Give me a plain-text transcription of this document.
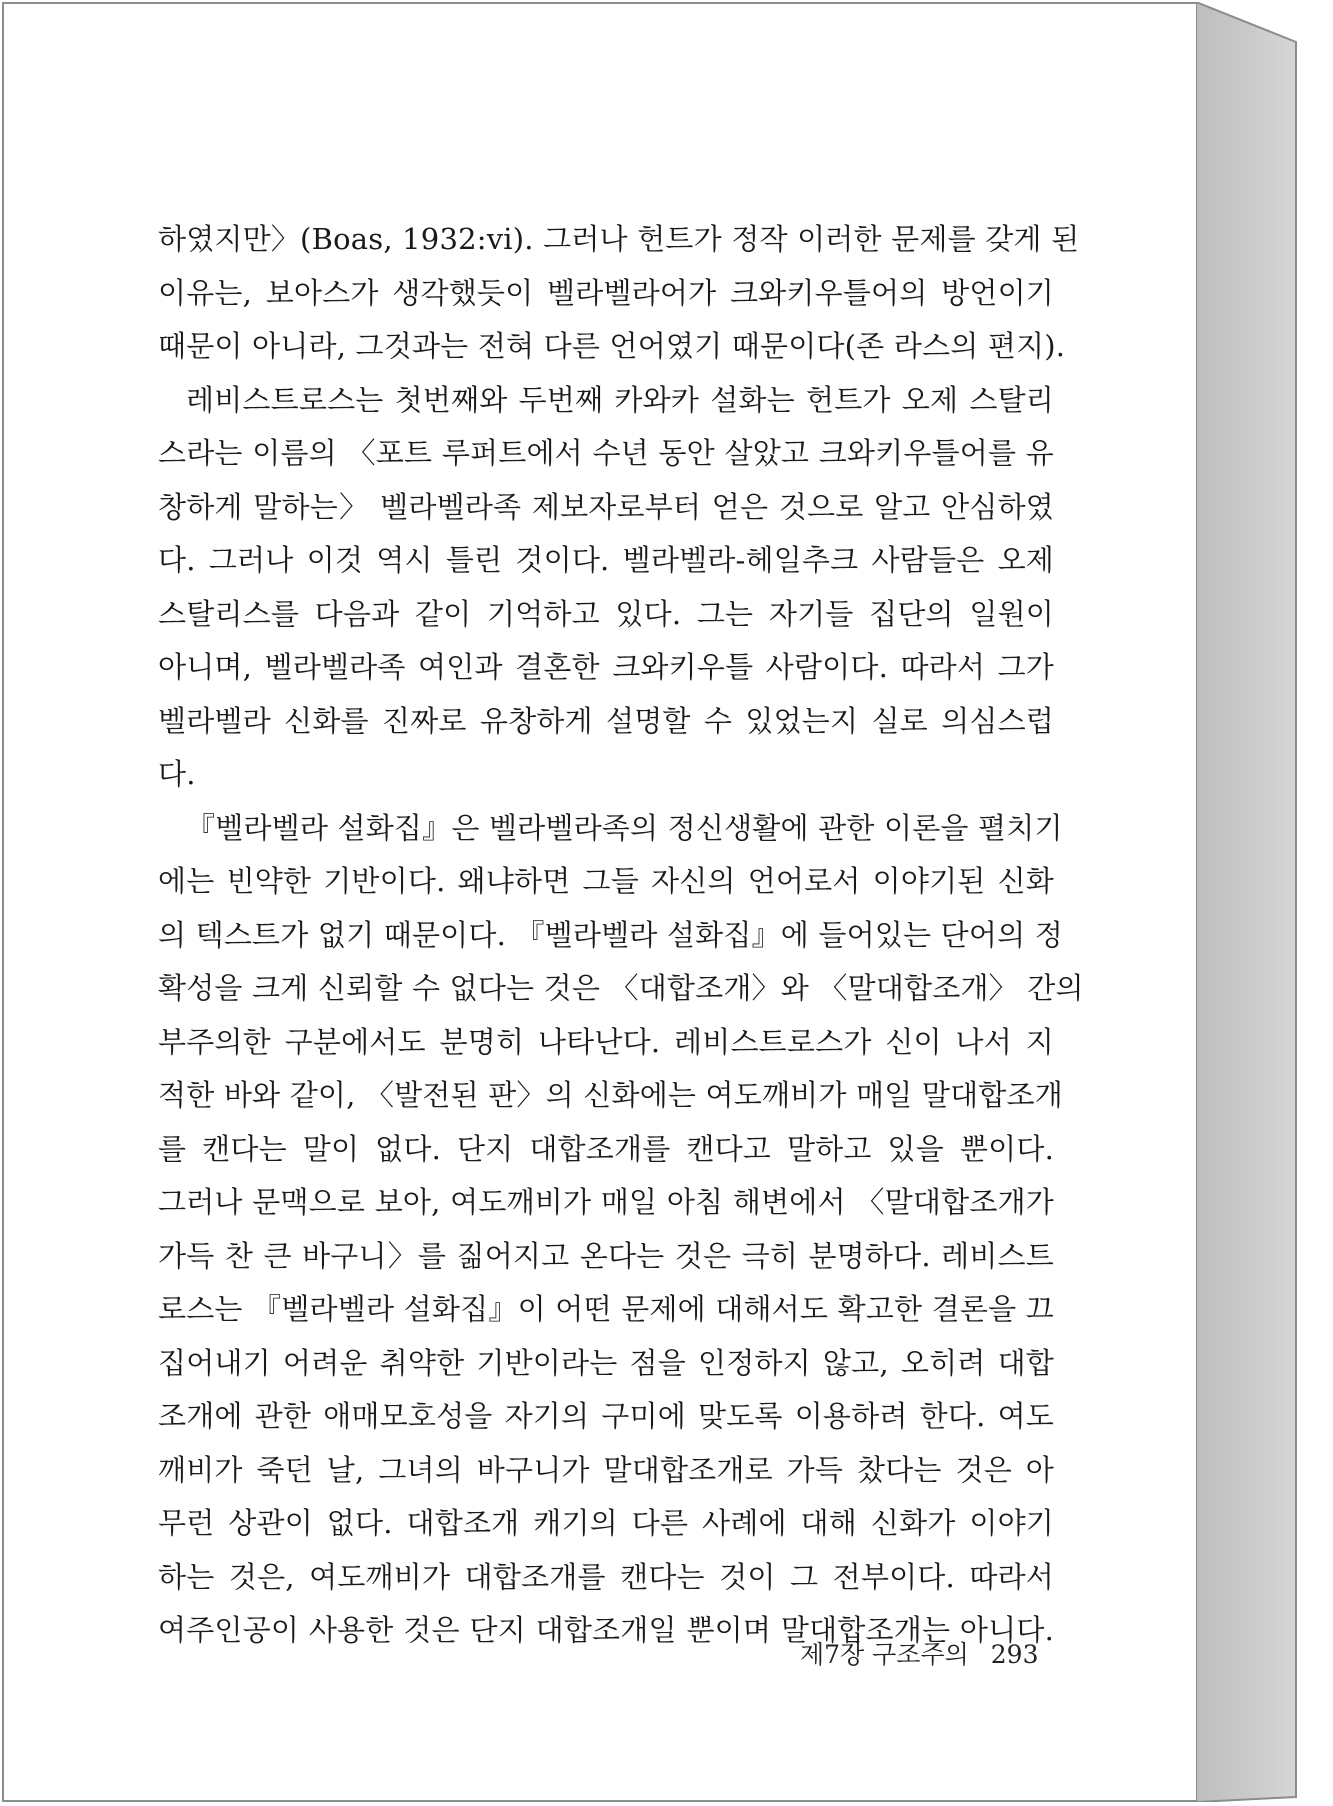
하였지만〉(Boas, 1932:vi). 그러나 헌트가 정작 이러한 문제를 갖게 된
이유는, 보아스가 생각했듯이 벨라벨라어가 크와키우틀어의 방언이기
때문이 아니라, 그것과는 전혀 다른 언어였기 때문이다(존 라스의 편지).
레비스트로스는 첫번째와 두번째 카와카 설화는 헌트가 오제 스탈리
스라는 이름의 〈포트 루퍼트에서 수년 동안 살았고 크와키우틀어를 유
창하게 말하는〉 벨라벨라족 제보자로부터 얻은 것으로 알고 안심하였
다. 그러나 이것 역시 틀린 것이다. 벨라벨라-헤일추크 사람들은 오제
스탈리스를 다음과 같이 기억하고 있다. 그는 자기들 집단의 일원이
아니며, 벨라벨라족 여인과 결혼한 크와키우틀 사람이다. 따라서 그가
벨라벨라 신화를 진짜로 유창하게 설명할 수 있었는지 실로 의심스럽
다.
『벨라벨라 설화집』은 벨라벨라족의 정신생활에 관한 이론을 펼치기
에는 빈약한 기반이다. 왜냐하면 그들 자신의 언어로서 이야기된 신화
의 텍스트가 없기 때문이다. 『벨라벨라 설화집』에 들어있는 단어의 정
확성을 크게 신뢰할 수 없다는 것은 〈대합조개〉와 〈말대합조개〉 간의
부주의한 구분에서도 분명히 나타난다. 레비스트로스가 신이 나서 지
적한 바와 같이, 〈발전된 판〉의 신화에는 여도깨비가 매일 말대합조개
를 캔다는 말이 없다. 단지 대합조개를 캔다고 말하고 있을 뿐이다.
그러나 문맥으로 보아, 여도깨비가 매일 아침 해변에서 〈말대합조개가
가득 찬 큰 바구니〉를 짊어지고 온다는 것은 극히 분명하다. 레비스트
로스는 『벨라벨라 설화집』이 어떤 문제에 대해서도 확고한 결론을 끄
집어내기 어려운 취약한 기반이라는 점을 인정하지 않고, 오히려 대합
조개에 관한 애매모호성을 자기의 구미에 맞도록 이용하려 한다. 여도
깨비가 죽던 날, 그녀의 바구니가 말대합조개로 가득 찼다는 것은 아
무런 상관이 없다. 대합조개 캐기의 다른 사례에 대해 신화가 이야기
하는 것은, 여도깨비가 대합조개를 캔다는 것이 그 전부이다. 따라서
여주인공이 사용한 것은 단지 대합조개일 뿐이며 말대합조개는 아니다.
제7장 구조주의 293
